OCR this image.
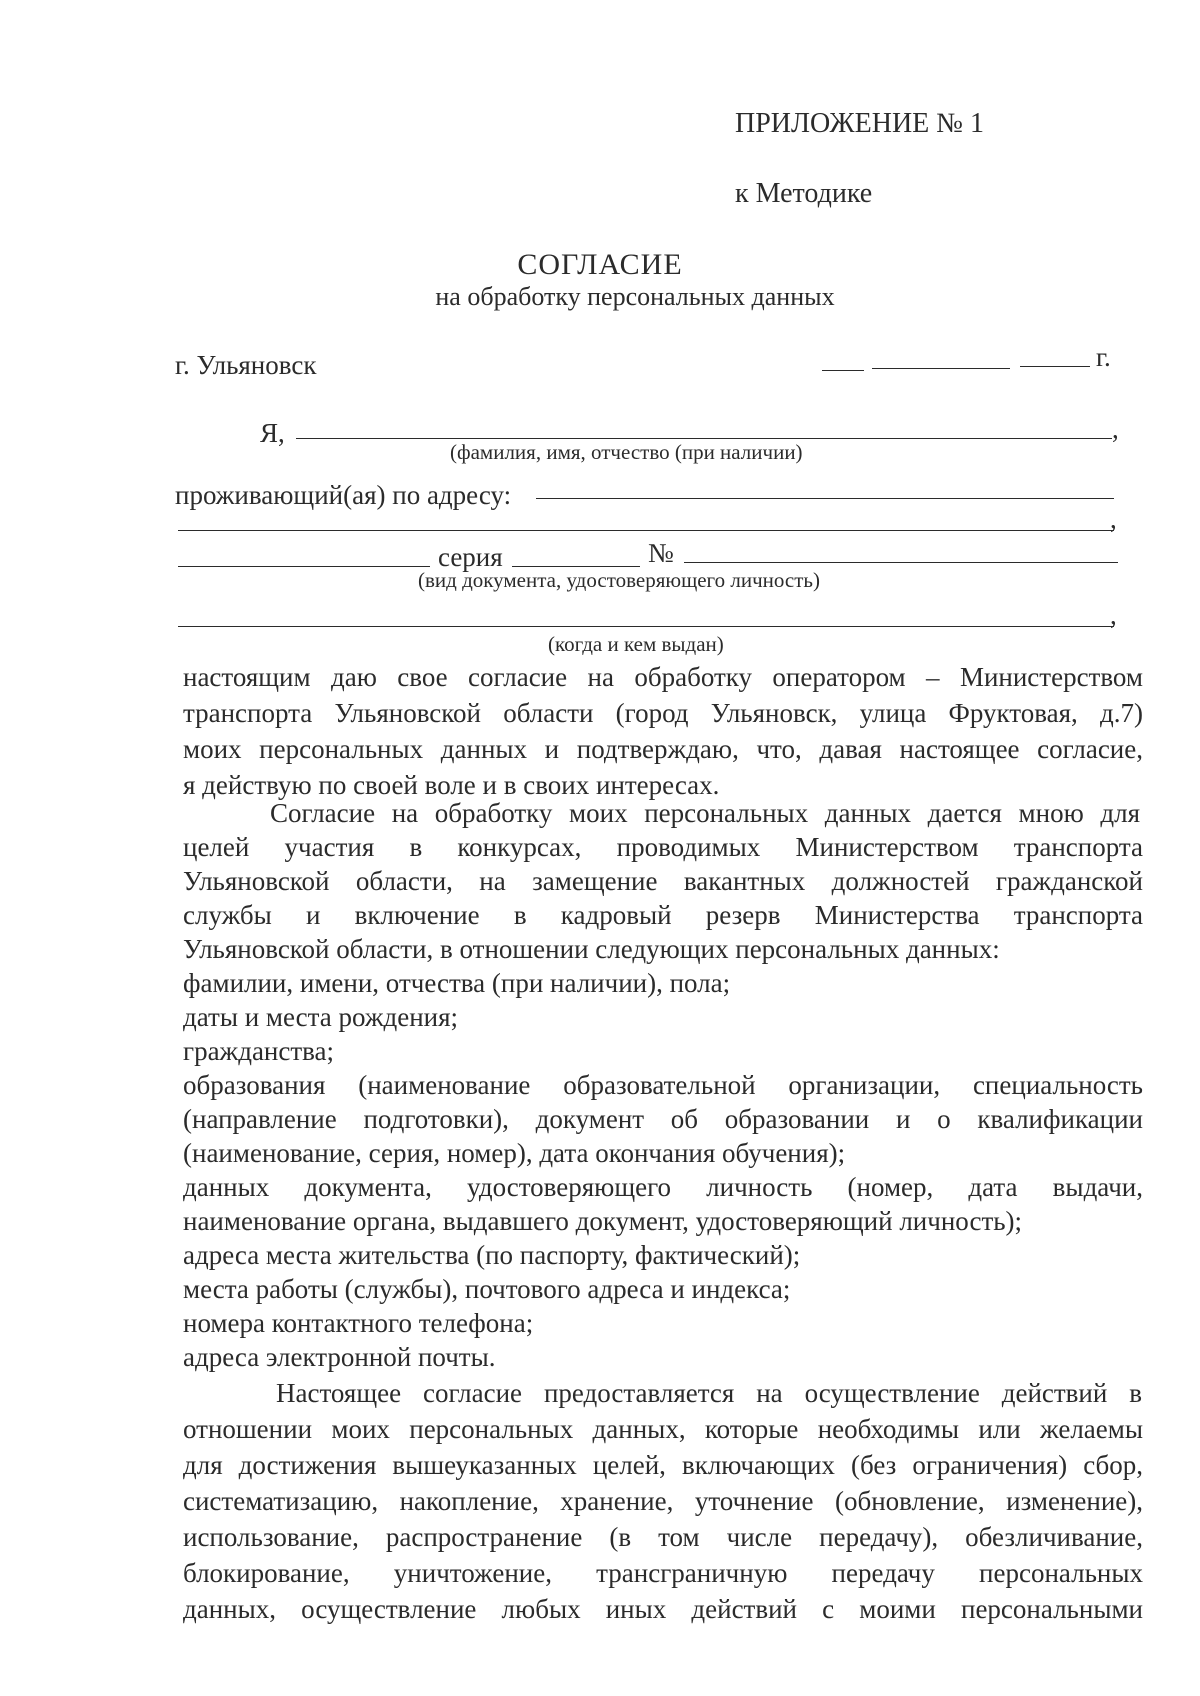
ПРИЛОЖЕНИЕ № 1
к Методике
СОГЛАСИЕ
на обработку персональных данных
г. Ульяновск	г.
Я,	,
(фамилия, имя, отчество (при наличии)
проживающий(ая) по адресу:
,
серия	№
(вид документа, удостоверяющего личность)
,
(когда и кем выдан)
настоящим даю свое согласие на обработку оператором – Министерством
транспорта Ульяновской области (город Ульяновск, улица Фруктовая, д.7)
моих персональных данных и подтверждаю, что, давая настоящее согласие,
я действую по своей воле и в своих интересах.
Согласие на обработку моих персональных данных дается мною для
целей участия в конкурсах, проводимых Министерством транспорта
Ульяновской области, на замещение вакантных должностей гражданской
службы и включение в кадровый резерв Министерства транспорта
Ульяновской области, в отношении следующих персональных данных:
фамилии, имени, отчества (при наличии), пола;
даты и места рождения;
гражданства;
образования (наименование образовательной организации, специальность
(направление подготовки), документ об образовании и о квалификации
(наименование, серия, номер), дата окончания обучения);
данных документа, удостоверяющего личность (номер, дата выдачи,
наименование органа, выдавшего документ, удостоверяющий личность);
адреса места жительства (по паспорту, фактический);
места работы (службы), почтового адреса и индекса;
номера контактного телефона;
адреса электронной почты.
Настоящее согласие предоставляется на осуществление действий в
отношении моих персональных данных, которые необходимы или желаемы
для достижения вышеуказанных целей, включающих (без ограничения) сбор,
систематизацию, накопление, хранение, уточнение (обновление, изменение),
использование, распространение (в том числе передачу), обезличивание,
блокирование, уничтожение, трансграничную передачу персональных
данных, осуществление любых иных действий с моими персональными
